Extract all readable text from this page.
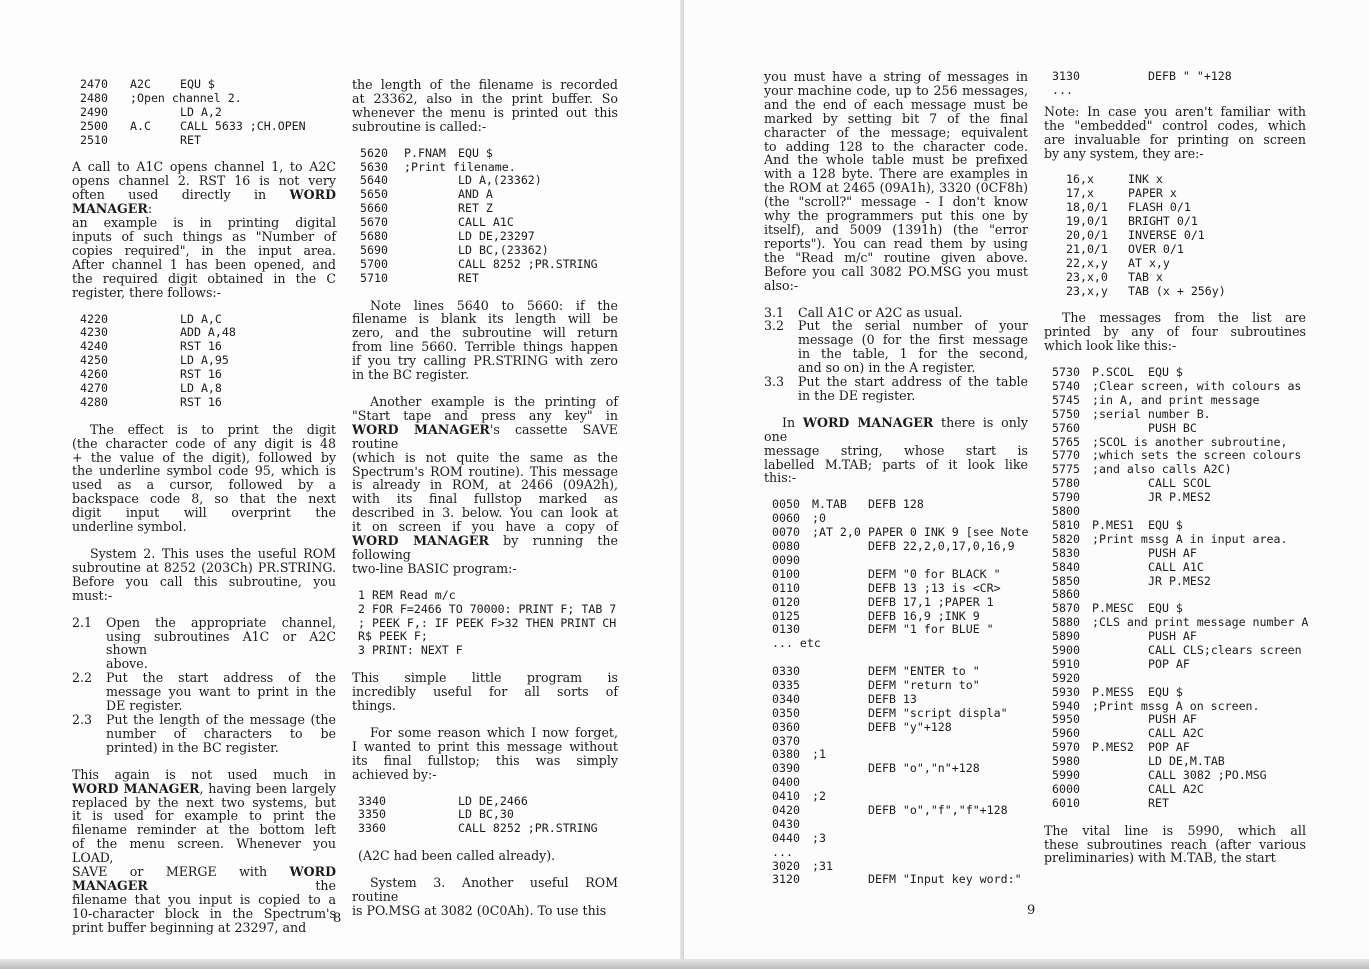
2470 A2C	EQU $
2480 ;Open channel 2.
2490	LD A,2
2500 A.C	CALL 5633 ;CH.OPEN
2510	RET
A call to A1C opens channel 1, to A2C
opens channel 2. RST 16 is not very
often used directly in WORD MANAGER:
an example is in printing digital
inputs of such things as "Number of
copies required", in the input area.
After channel 1 has been opened, and
the required digit obtained in the C
register, there follows:-
4220	LD A,C
4230	ADD A,48
4240	RST 16
4250	LD A,95
4260	RST 16
4270	LD A,8
4280	RST 16
The effect is to print the digit
(the character code of any digit is 48
+ the value of the digit), followed by
the underline symbol code 95, which is
used as a cursor, followed by a
backspace code 8, so that the next
digit input will overprint the
underline symbol.
System 2. This uses the useful ROM
subroutine at 8252 (203Ch) PR.STRING.
Before you call this subroutine, you
must:-
2.1 Open the appropriate channel,
using subroutines A1C or A2C shown
above.
2.2 Put the start address of the
message you want to print in the
DE register.
2.3 Put the length of the message (the
number of characters to be
printed) in the BC register.
This again is not used much in
WORD MANAGER, having been largely
replaced by the next two systems, but
it is used for example to print the
filename reminder at the bottom left
of the menu screen. Whenever you LOAD,
SAVE or MERGE with WORD MANAGER the
filename that you input is copied to a
10-character block in the Spectrum's
print buffer beginning at 23297, and
the length of the filename is recorded
at 23362, also in the print buffer. So
whenever the menu is printed out this
subroutine is called:-
5620 P.FNAM EQU $
5630 ;Print filename.
5640	LD A,(23362)
5650	AND A
5660	RET Z
5670	CALL A1C
5680	LD DE,23297
5690	LD BC,(23362)
5700	CALL 8252 ;PR.STRING
5710	RET
Note lines 5640 to 5660: if the
filename is blank its length will be
zero, and the subroutine will return
from line 5660. Terrible things happen
if you try calling PR.STRING with zero
in the BC register.
Another example is the printing of
"Start tape and press any key" in
WORD MANAGER's cassette SAVE routine
(which is not quite the same as the
Spectrum's ROM routine). This message
is already in ROM, at 2466 (09A2h),
with its final fullstop marked as
described in 3. below. You can look at
it on screen if you have a copy of
WORD MANAGER by running the following
two-line BASIC program:-
1 REM Read m/c
2 FOR F=2466 TO 70000: PRINT F; TAB 7
; PEEK F,: IF PEEK F>32 THEN PRINT CH
R$ PEEK F;
3 PRINT: NEXT F
This simple little program is
incredibly useful for all sorts of
things.
For some reason which I now forget,
I wanted to print this message without
its final fullstop; this was simply
achieved by:-
3340	LD DE,2466
3350	LD BC,30
3360	CALL 8252 ;PR.STRING
(A2C had been called already).
System 3. Another useful ROM routine
is PO.MSG at 3082 (0C0Ah). To use this
8
you must have a string of messages in
your machine code, up to 256 messages,
and the end of each message must be
marked by setting bit 7 of the final
character of the message; equivalent
to adding 128 to the character code.
And the whole table must be prefixed
with a 128 byte. There are examples in
the ROM at 2465 (09A1h), 3320 (0CF8h)
(the "scroll?" message - I don't know
why the programmers put this one by
itself), and 5009 (1391h) (the "error
reports"). You can read them by using
the "Read m/c" routine given above.
Before you call 3082 PO.MSG you must
also:-
3.1 Call A1C or A2C as usual.
3.2 Put the serial number of your
message (0 for the first message
in the table, 1 for the second,
and so on) in the A register.
3.3 Put the start address of the table
in the DE register.
In WORD MANAGER there is only one
message string, whose start is
labelled M.TAB; parts of it look like
this:-
0050 M.TAB DEFB 128
0060 ;0
0070 ;AT 2,0 PAPER 0 INK 9 [see Note
0080	DEFB 22,2,0,17,0,16,9
0090
0100	DEFM "0 for BLACK "
0110	DEFB 13 ;13 is <CR>
0120	DEFB 17,1 ;PAPER 1
0125	DEFB 16,9 ;INK 9
0130	DEFM "1 for BLUE "
... etc
0330	DEFM "ENTER to "
0335	DEFM "return to"
0340	DEFB 13
0350	DEFM "script displa"
0360	DEFB "y"+128
0370
0380 ;1
0390	DEFB "o","n"+128
0400
0410 ;2
0420	DEFB "o","f","f"+128
0430
0440 ;3
...
3020 ;31
3120	DEFM "Input key word:"
3130	DEFB " "+128
...
Note: In case you aren't familiar with
the "embedded" control codes, which
are invaluable for printing on screen
by any system, they are:-
16,x	INK x
17,x	PAPER x
18,0/1 FLASH 0/1
19,0/1 BRIGHT 0/1
20,0/1 INVERSE 0/1
21,0/1 OVER 0/1
22,x,y AT x,y
23,x,0 TAB x
23,x,y TAB (x + 256y)
The messages from the list are
printed by any of four subroutines
which look like this:-
5730 P.SCOL EQU $
5740 ;Clear screen, with colours as
5745 ;in A, and print message
5750 ;serial number B.
5760	PUSH BC
5765 ;SCOL is another subroutine,
5770 ;which sets the screen colours
5775 ;and also calls A2C)
5780	CALL SCOL
5790	JR P.MES2
5800
5810 P.MES1 EQU $
5820 ;Print mssg A in input area.
5830	PUSH AF
5840	CALL A1C
5850	JR P.MES2
5860
5870 P.MESC EQU $
5880 ;CLS and print message number A
5890	PUSH AF
5900	CALL CLS;clears screen
5910	POP AF
5920
5930 P.MESS EQU $
5940 ;Print mssg A on screen.
5950	PUSH AF
5960	CALL A2C
5970 P.MES2 POP AF
5980	LD DE,M.TAB
5990	CALL 3082 ;PO.MSG
6000	CALL A2C
6010	RET
The vital line is 5990, which all
these subroutines reach (after various
preliminaries) with M.TAB, the start
9
